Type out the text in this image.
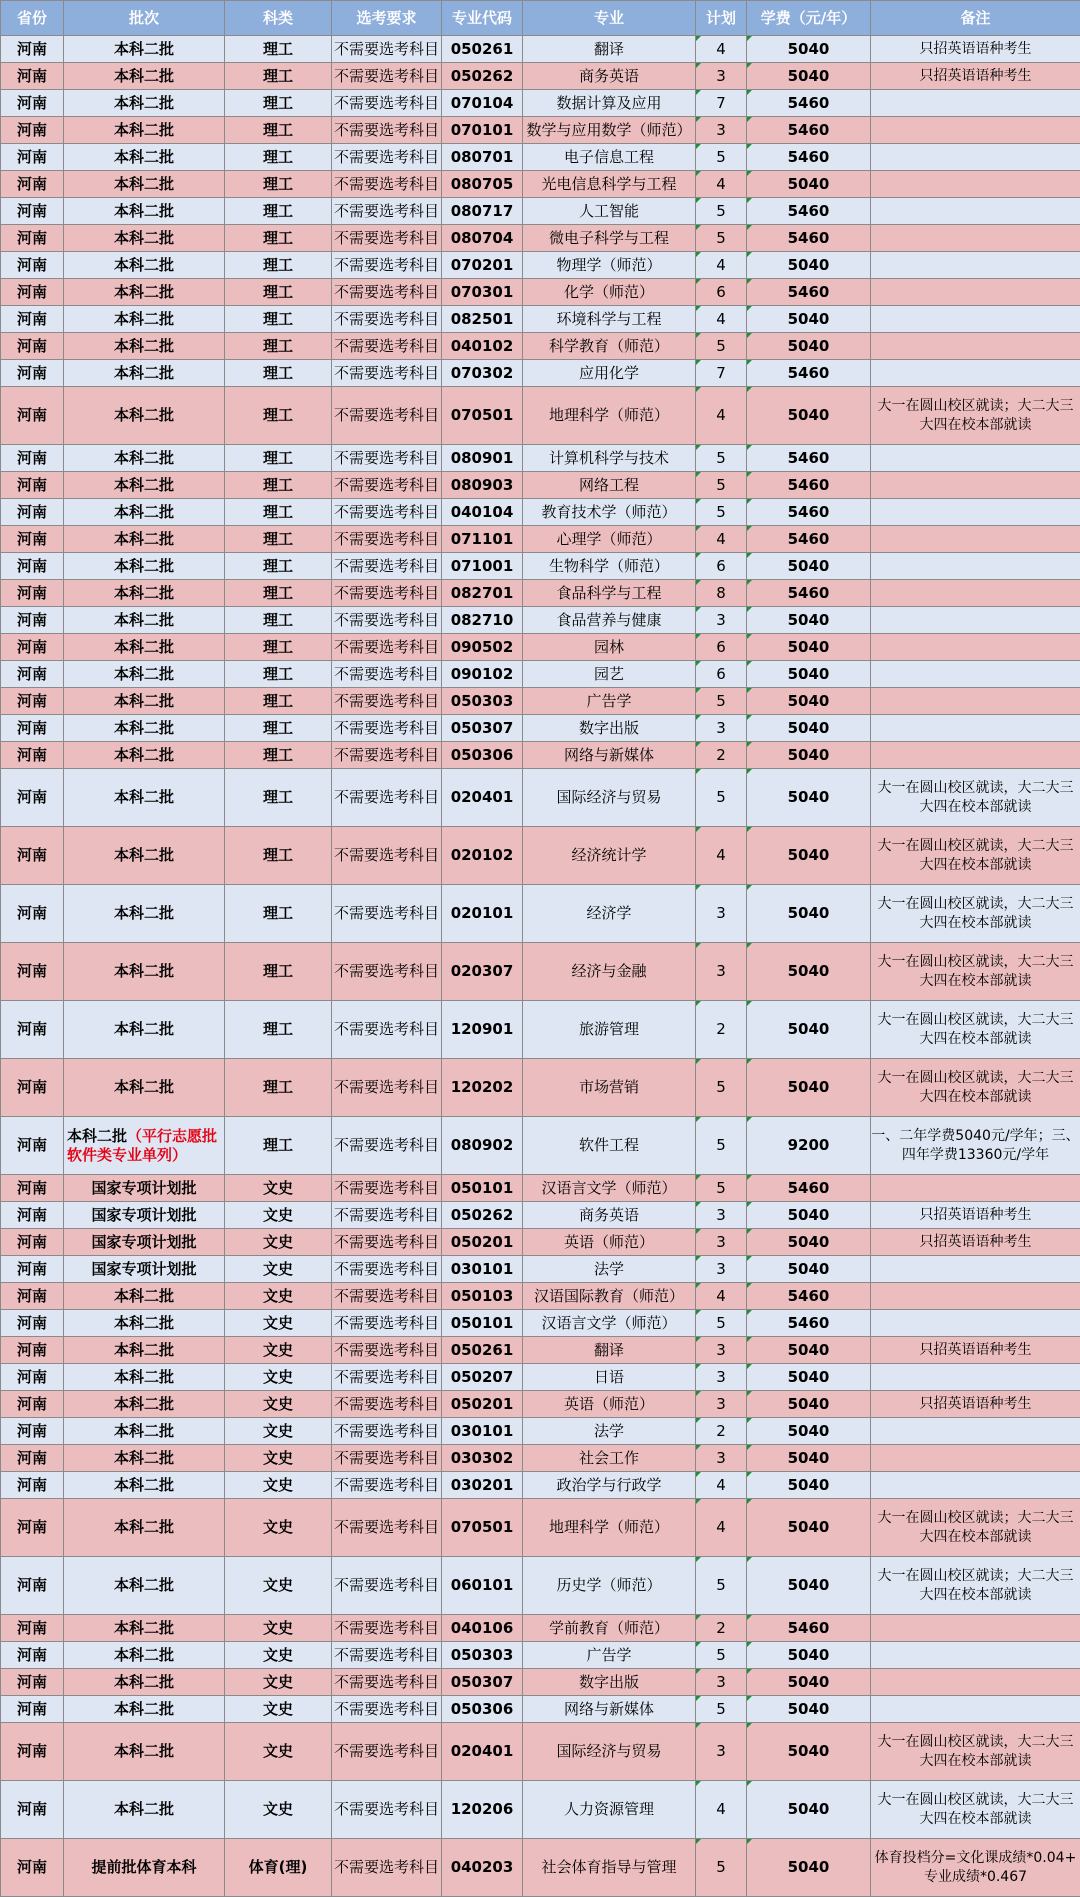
省份	批次	科类	选考要求	专业代码	专业	计划	学费（元/年）	备注
河南	本科二批	理工	不需要选考科目	050261	翻译	4	5040	只招英语语种考生
河南	本科二批	理工	不需要选考科目	050262	商务英语	3	5040	只招英语语种考生
河南	本科二批	理工	不需要选考科目	070104	数据计算及应用	7	5460	
河南	本科二批	理工	不需要选考科目	070101	数学与应用数学（师范）	3	5460	
河南	本科二批	理工	不需要选考科目	080701	电子信息工程	5	5460	
河南	本科二批	理工	不需要选考科目	080705	光电信息科学与工程	4	5040	
河南	本科二批	理工	不需要选考科目	080717	人工智能	5	5460	
河南	本科二批	理工	不需要选考科目	080704	微电子科学与工程	5	5460	
河南	本科二批	理工	不需要选考科目	070201	物理学（师范）	4	5040	
河南	本科二批	理工	不需要选考科目	070301	化学（师范）	6	5460	
河南	本科二批	理工	不需要选考科目	082501	环境科学与工程	4	5040	
河南	本科二批	理工	不需要选考科目	040102	科学教育（师范）	5	5040	
河南	本科二批	理工	不需要选考科目	070302	应用化学	7	5460	
河南	本科二批	理工	不需要选考科目	070501	地理科学（师范）	4	5040	大一在圆山校区就读；大二大三
大四在校本部就读
河南	本科二批	理工	不需要选考科目	080901	计算机科学与技术	5	5460	
河南	本科二批	理工	不需要选考科目	080903	网络工程	5	5460	
河南	本科二批	理工	不需要选考科目	040104	教育技术学（师范）	5	5460	
河南	本科二批	理工	不需要选考科目	071101	心理学（师范）	4	5460	
河南	本科二批	理工	不需要选考科目	071001	生物科学（师范）	6	5040	
河南	本科二批	理工	不需要选考科目	082701	食品科学与工程	8	5460	
河南	本科二批	理工	不需要选考科目	082710	食品营养与健康	3	5040	
河南	本科二批	理工	不需要选考科目	090502	园林	6	5040	
河南	本科二批	理工	不需要选考科目	090102	园艺	6	5040	
河南	本科二批	理工	不需要选考科目	050303	广告学	5	5040	
河南	本科二批	理工	不需要选考科目	050307	数字出版	3	5040	
河南	本科二批	理工	不需要选考科目	050306	网络与新媒体	2	5040	
河南	本科二批	理工	不需要选考科目	020401	国际经济与贸易	5	5040	大一在圆山校区就读，大二大三
大四在校本部就读
河南	本科二批	理工	不需要选考科目	020102	经济统计学	4	5040	大一在圆山校区就读，大二大三
大四在校本部就读
河南	本科二批	理工	不需要选考科目	020101	经济学	3	5040	大一在圆山校区就读，大二大三
大四在校本部就读
河南	本科二批	理工	不需要选考科目	020307	经济与金融	3	5040	大一在圆山校区就读，大二大三
大四在校本部就读
河南	本科二批	理工	不需要选考科目	120901	旅游管理	2	5040	大一在圆山校区就读，大二大三
大四在校本部就读
河南	本科二批	理工	不需要选考科目	120202	市场营销	5	5040	大一在圆山校区就读，大二大三
大四在校本部就读
河南	本科二批（平行志愿批
软件类专业单列）	理工	不需要选考科目	080902	软件工程	5	9200	一、二年学费5040元/学年；三、
四年学费13360元/学年
河南	国家专项计划批	文史	不需要选考科目	050101	汉语言文学（师范）	5	5460	
河南	国家专项计划批	文史	不需要选考科目	050262	商务英语	3	5040	只招英语语种考生
河南	国家专项计划批	文史	不需要选考科目	050201	英语（师范）	3	5040	只招英语语种考生
河南	国家专项计划批	文史	不需要选考科目	030101	法学	3	5040	
河南	本科二批	文史	不需要选考科目	050103	汉语国际教育（师范）	4	5460	
河南	本科二批	文史	不需要选考科目	050101	汉语言文学（师范）	5	5460	
河南	本科二批	文史	不需要选考科目	050261	翻译	3	5040	只招英语语种考生
河南	本科二批	文史	不需要选考科目	050207	日语	3	5040	
河南	本科二批	文史	不需要选考科目	050201	英语（师范）	3	5040	只招英语语种考生
河南	本科二批	文史	不需要选考科目	030101	法学	2	5040	
河南	本科二批	文史	不需要选考科目	030302	社会工作	3	5040	
河南	本科二批	文史	不需要选考科目	030201	政治学与行政学	4	5040	
河南	本科二批	文史	不需要选考科目	070501	地理科学（师范）	4	5040	大一在圆山校区就读；大二大三
大四在校本部就读
河南	本科二批	文史	不需要选考科目	060101	历史学（师范）	5	5040	大一在圆山校区就读；大二大三
大四在校本部就读
河南	本科二批	文史	不需要选考科目	040106	学前教育（师范）	2	5460	
河南	本科二批	文史	不需要选考科目	050303	广告学	5	5040	
河南	本科二批	文史	不需要选考科目	050307	数字出版	3	5040	
河南	本科二批	文史	不需要选考科目	050306	网络与新媒体	5	5040	
河南	本科二批	文史	不需要选考科目	020401	国际经济与贸易	3	5040	大一在圆山校区就读，大二大三
大四在校本部就读
河南	本科二批	文史	不需要选考科目	120206	人力资源管理	4	5040	大一在圆山校区就读，大二大三
大四在校本部就读
河南	提前批体育本科	体育(理)	不需要选考科目	040203	社会体育指导与管理	5	5040	体育投档分=文化课成绩*0.04+
专业成绩*0.467
